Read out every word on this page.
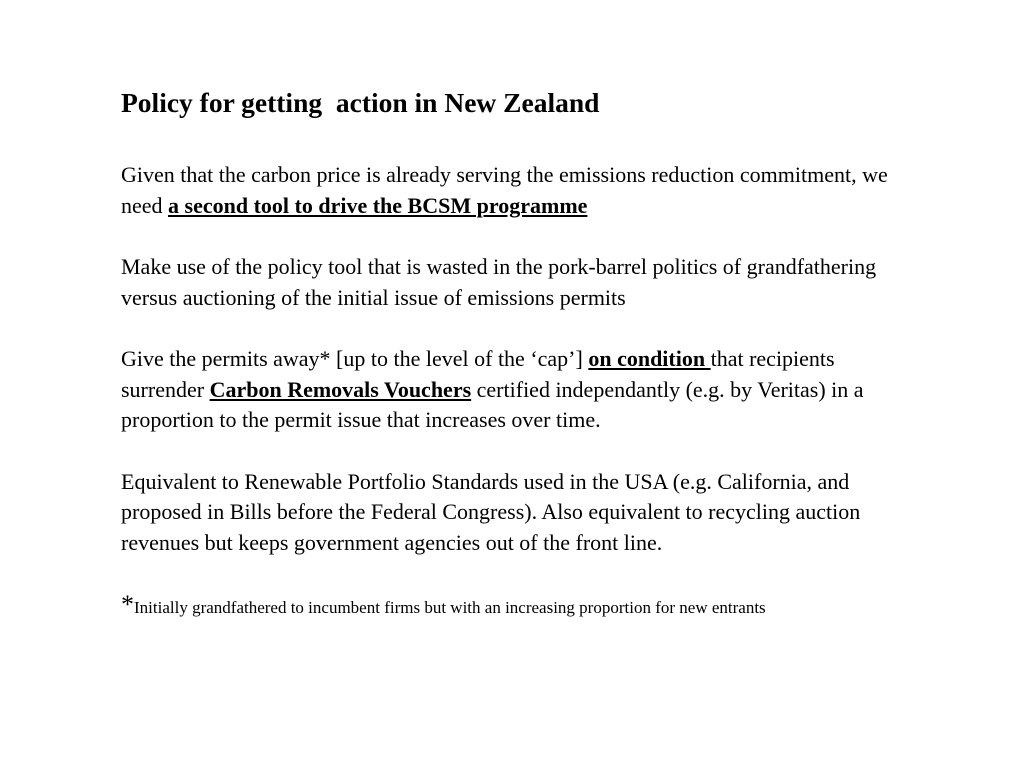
Policy for getting  action in New Zealand

Given that the carbon price is already serving the emissions reduction commitment, we need a second tool to drive the BCSM programme

Make use of the policy tool that is wasted in the pork-barrel politics of grandfathering versus auctioning of the initial issue of emissions permits

Give the permits away* [up to the level of the ‘cap’] on condition that recipients surrender Carbon Removals Vouchers certified independantly (e.g. by Veritas) in a proportion to the permit issue that increases over time.

Equivalent to Renewable Portfolio Standards used in the USA (e.g. California, and proposed in Bills before the Federal Congress). Also equivalent to recycling auction revenues but keeps government agencies out of the front line.

*Initially grandfathered to incumbent firms but with an increasing proportion for new entrants
